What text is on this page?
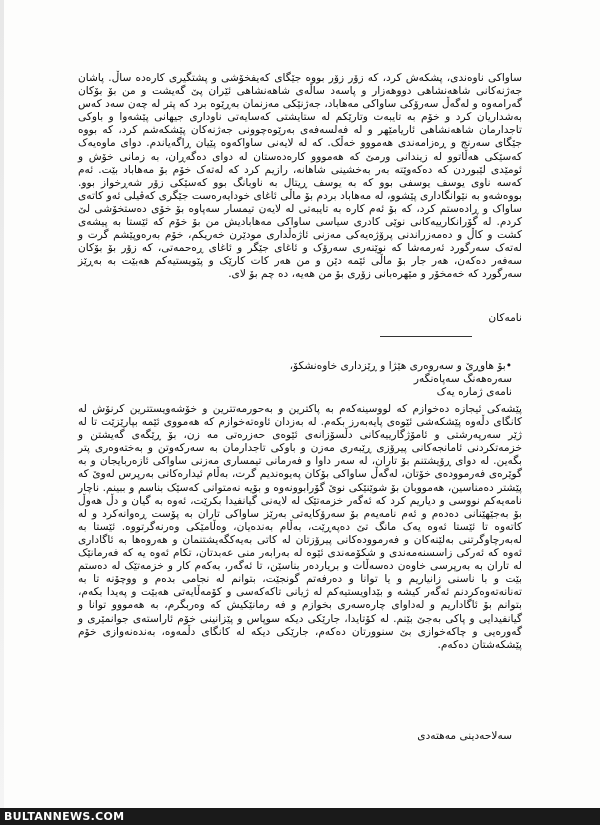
ساواکی ناوەندی، پشکەش کرد، کە زۆر زۆر بووە جێگای کەیفخۆشی و پشتگیری کارەدە ساڵ. پاشان جەژنەکانی شاهەنشاهی دووهەزار و پاسەد ساڵەی شاهەنشاهی ئێران پێ گەیشت و من بۆ بۆکان گەرامەوە و لەگەڵ سەرۆکی ساواکی مەهاباد، جەژنێکی مەزنمان بەڕێوە برد کە پتر لە چەن سەد کەس بەشداریان کرد و خۆم بە تایبەت وتارێکم لە ستایشتی کەسایەتی ناوداری جیهانی پێشەوا و باوکی تاجدارمان شاهەنشاهی ئاریامێهر و لە فەلسەفەی بەرێوەچوونی جەژنەکان پێشکەشم کرد، کە بووە جێگای سەرنج و ڕەزامەندی هەمووو خەڵک. کە لە لایەنی ساواکەوە پێیان ڕاگەیاندم. دوای ماوەیەک کەسێکی هەڵاتوو لە زیندانی ورمێ کە هەمووو کارەدەستان لە دوای دەگەڕان، بە زمانی خۆش و ئومێدی لێبوردن کە دەکەوێتە بەر بەخشینی شاهانە، رازیم کرد کە لەتەک خۆم بۆ مەهاباد بێت. ئەم کەسە ناوی یوسف یوسفی بوو کە بە یوسف ڕیتال بە ناوبانگ بوو کەسێکی زۆر شەڕخواز بوو. بووەشەو بە نێوانگاداری پێشوو، لە مەهاباد بردم بۆ ماڵی ئاغای خودایەرەست جێگری کەڤیلی ئەو کاتەی ساواک و ڕادەستم کرد، کە بۆ ئەم کارە بە تایبەتی لە لایەن تیمسار سەپاوە بۆ خۆی دەستخۆشی لێ کردم. لە گۆرانکارییەکانی نوێی کادری سیاسی ساواکی مەهابادیش من بۆ خۆم کە ئێستا بە پیشەی کشت و کاڵ و دەمەزراندنی پرۆژەیەکی مەزنی ئاژەڵداری مودێرن خەریکم، خۆم بەرەوپێشم گرت و لەتەک سەرگورد ئەرمەشا کە نوێنەری سەرۆک و ئاغای جێگر و ئاغای ڕەحمەتی، کە زۆر بۆ بۆکان سەفەر دەکەن، هەر جار بۆ ماڵی ئێمە دێن و من هەر کات کارێک و پێویستیەکم هەبێت بە بەڕێز سەرگورد کە خەمخۆر و مێهرەبانی زۆری بۆ من هەیە، دە چم بۆ لای.
نامەکان
•بۆ هاوڕێ و سەروەری هێژا و ڕێزداری خاوەنشکۆ،
سەرەهەنگ سەپاەنگەر
نامەی ژمارە یەک
پێشەکی ئیجازە دەخوازم کە لووسینەکەم بە پاکترین و بەحورمەتترین و خۆشەویستترین کرنۆش لە کانگای دڵەوە پێشکەشی ئێوەی پایەبەرز بکەم. لە بەزدان ئاوەتەخوازم کە هەمووی ئێمە بپارێزێت تا لە ژێر سەرپەرشتی و ئامۆژگارییەکانی دڵسۆزانەی ئێوەی حەزرەتی مە زن، بۆ ڕێگەی گەیشتن و خزمەتکردنی ئامانجەکانی پیرۆزی ڕێبەری مەزن و باوکی تاجدارمان بە سەرکەوتن و بەختەوەری پتر بگەین. لە دوای ڕۆیشتنم بۆ تاران، لە سەر داوا و فەرمانی تیمساری مەزنی ساواکی ئازەربایجان و بە گوێرەی فەرموودەی خۆتان، لەگەڵ ساواکی بۆکان پەیوەندیم گرت، بەڵام ئیدارەکانی بەرپرس لەوێ کە پێشتر دەمناسین، هەمووبان بۆ شوێنێکی نوێ گۆرابوونەوە و بۆیە نەمتوانی کەسێک بناسم و ببینم. ناچار نامەیەکم نووسی و دیاریم کرد کە ئەگەر خزمەتێک لە لایەنی گیانفیدا بکرێت، ئەوە بە گیان و دڵ هەوڵ بۆ بەجێهێنانی دەدەم و ئەم نامەیەم بۆ سەرۆکایەتی بەرێز ساواکی تاران بە پۆست ڕەوانەکرد و لە کاتەوە تا ئێستا ئەوە یەک مانگ تێ دەپەڕێت، بەڵام بەندەیان، وەڵامێکی وەرنەگرتووە. ئێستا بە لەبەرچاوگرتنی بەلێنەکان و فەرموودەکانی پیرۆزتان لە کاتی بەیەکگەیشتنمان و هەروەها بە ئاگاداری ئەوە کە ئەرکی زاسسنەمەندی و شکۆمەندی ئێوە لە بەرابەر منی عەبدتان، تکام ئەوە یە کە فەرمانێک لە تاران بە بەرپرسی خاوەن دەسەڵات و بریاردەر بناسێن، تا ئەگەر، بەکەم کار و خزمەتێک لە دەستم بێت و با ناسنی زانیاریم و یا توانا و دەرفەتم گونجێت، بتوانم لە نجامی بدەم و ووچۆنە تا بە تەنانەتەوەکردنم ئەگەر کیشە و بێداویستیەکم لە ژیانی تاکەکەسی و کۆمەڵایەتی هەبێت و پەیدا بکەم، بتوانم بۆ ئاگاداریم و لەداوای چارەسەری بخوازم و فە رمانێکیش کە وەربگرم، بە هەمووو توانا و گیانفیدایی و پاکی بەجێ بێنم. لە کۆتایدا، جارێکی دیکە سوپاس و پێزانینی خۆم ئاراستەی جوانمێری و گەورەیی و چاکەخوازی بێ سنوورتان دەکەم، جارێکی دیکە لە کانگای دڵمەوە، بەندەنەوازی خۆم پێشکەشتان دەکەم.
سەلاحەدینی مەهتەدی
BULTANNEWS.COM
